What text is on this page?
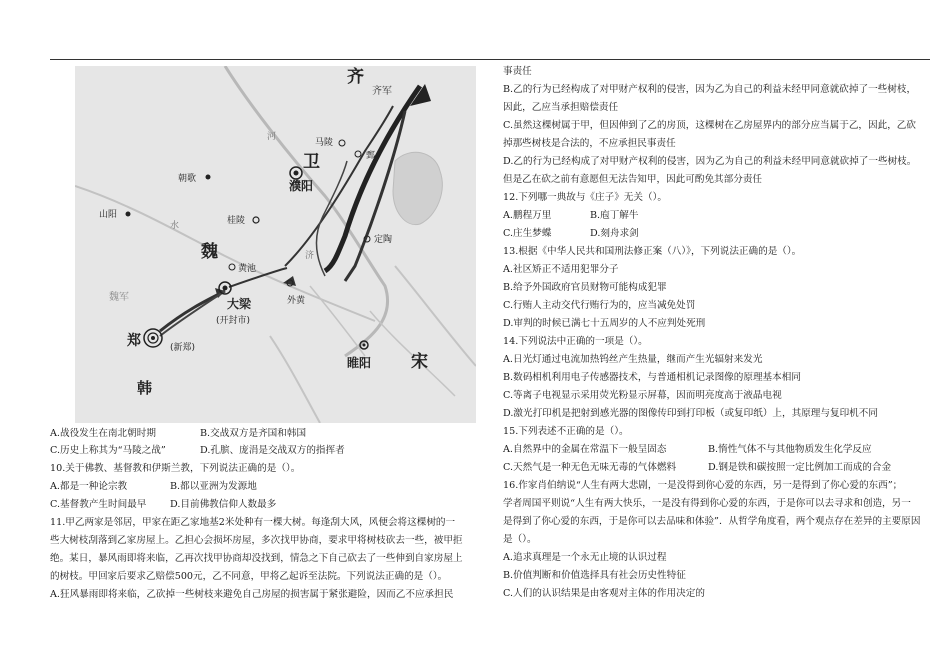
齐
齐军
河
马陵
鄄
卫
濮阳
朝歌
山阳
桂陵
水
魏	济
定陶
黄池
大梁
(开封市)
外黄
魏军
郑	(新郑)
韩
睢阳 宋
A.战役发生在南北朝时期	B.交战双方是齐国和韩国
C.历史上称其为“马陵之战”	D.孔膑、庞涓是交战双方的指挥者
10.关于佛教、基督教和伊斯兰教，下列说法正确的是（）。
A.都是一种论宗教	B.都以亚洲为发源地
C.基督教产生时间最早 D.目前佛教信仰人数最多
11.甲乙两家是邻居，甲家在距乙家地基2米处种有一棵大树。每逢刮大风，风便会将这棵树的一
些大树枝刮落到乙家房屋上。乙担心会损坏房屋，多次找甲协商，要求甲将树枝砍去一些，被甲拒
绝。某日，暴风雨即将来临，乙再次找甲协商却没找到，情急之下自己砍去了一些伸到自家房屋上
的树枝。甲回家后要求乙赔偿500元，乙不同意，甲将乙起诉至法院。下列说法正确的是（）。
A.狂风暴雨即将来临，乙砍掉一些树枝来避免自己房屋的损害属于紧张避险，因而乙不应承担民
事责任
B.乙的行为已经构成了对甲财产权利的侵害，因为乙为自己的利益未经甲同意就砍掉了一些树枝，
因此，乙应当承担赔偿责任
C.虽然这棵树属于甲，但因伸到了乙的房顶，这棵树在乙房屋界内的部分应当属于乙，因此，乙砍
掉那些树枝是合法的，不应承担民事责任
D.乙的行为已经构成了对甲财产权利的侵害，因为乙为自己的利益未经甲同意就砍掉了一些树枝。
但是乙在砍之前有意愿但无法告知甲，因此可酌免其部分责任
12.下列哪一典故与《庄子》无关（）。
A.鹏程万里	B.庖丁解牛
C.庄生梦蝶	D.刻舟求剑
13.根据《中华人民共和国刑法修正案（八）》，下列说法正确的是（）。
A.社区矫正不适用犯罪分子
B.给予外国政府官员财物可能构成犯罪
C.行贿人主动交代行贿行为的，应当减免处罚
D.审判的时候已满七十五周岁的人不应判处死刑
14.下列说法中正确的一项是（）。
A.日光灯通过电流加热钨丝产生热量，继而产生光辐射来发光
B.数码相机利用电子传感器技术，与普通相机记录图像的原理基本相同
C.等离子电视显示采用荧光粉显示屏幕，因而明亮度高于液晶电视
D.激光打印机是把射到感光器的图像传印到打印板（或复印纸）上，其原理与复印机不同
15.下列表述不正确的是（）。
A.自然界中的金属在常温下一般呈固态	B.惰性气体不与其他物质发生化学反应
C.天然气是一种无色无味无毒的气体燃料	D.钢是铁和碳按照一定比例加工而成的合金
16.作家肖伯纳说“人生有两大悲剧，一是没得到你心爱的东西，另一是得到了你心爱的东西”；
学者周国平则说“人生有两大快乐，一是没有得到你心爱的东西，于是你可以去寻求和创造，另一
是得到了你心爱的东西，于是你可以去品味和体验”．从哲学角度看，两个观点存在差异的主要原因
是（）。
A.追求真理是一个永无止境的认识过程
B.价值判断和价值选择具有社会历史性特征
C.人们的认识结果是由客观对主体的作用决定的
